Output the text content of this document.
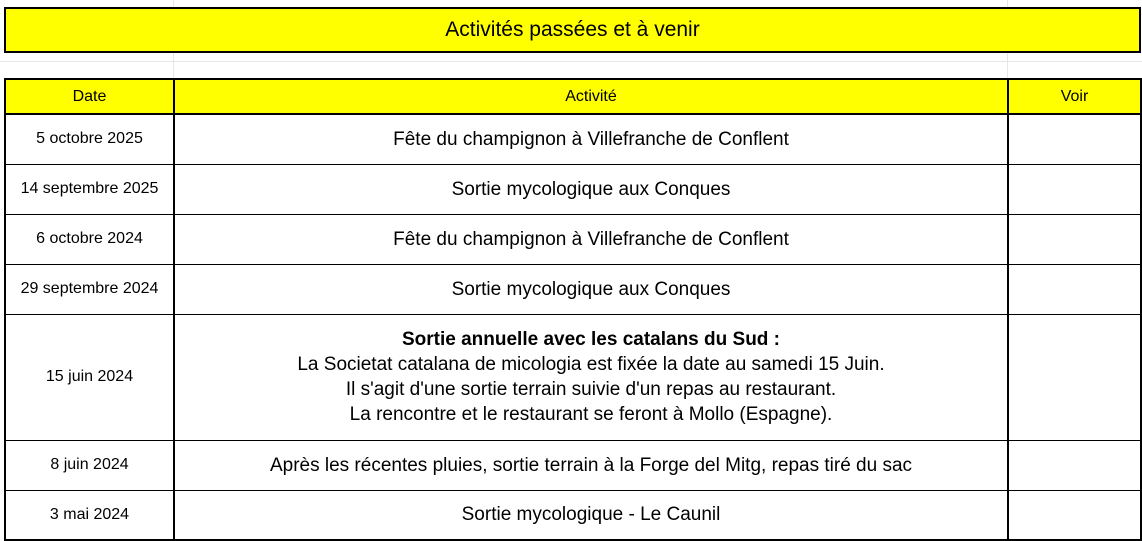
Activités passées et à venir
Date	Activité	Voir
5 octobre 2025	Fête du champignon à Villefranche de Conflent	
14 septembre 2025	Sortie mycologique aux Conques	
6 octobre 2024	Fête du champignon à Villefranche de Conflent	
29 septembre 2024	Sortie mycologique aux Conques	
15 juin 2024	Sortie annuelle avec les catalans du Sud :
La Societat catalana de micologia est fixée la date au samedi 15 Juin.
Il s'agit d'une sortie terrain suivie d'un repas au restaurant.
La rencontre et le restaurant se feront à Mollo (Espagne).	

8 juin 2024	Après les récentes pluies, sortie terrain à la Forge del Mitg, repas tiré du sac	
3 mai 2024	Sortie mycologique - Le Caunil	
